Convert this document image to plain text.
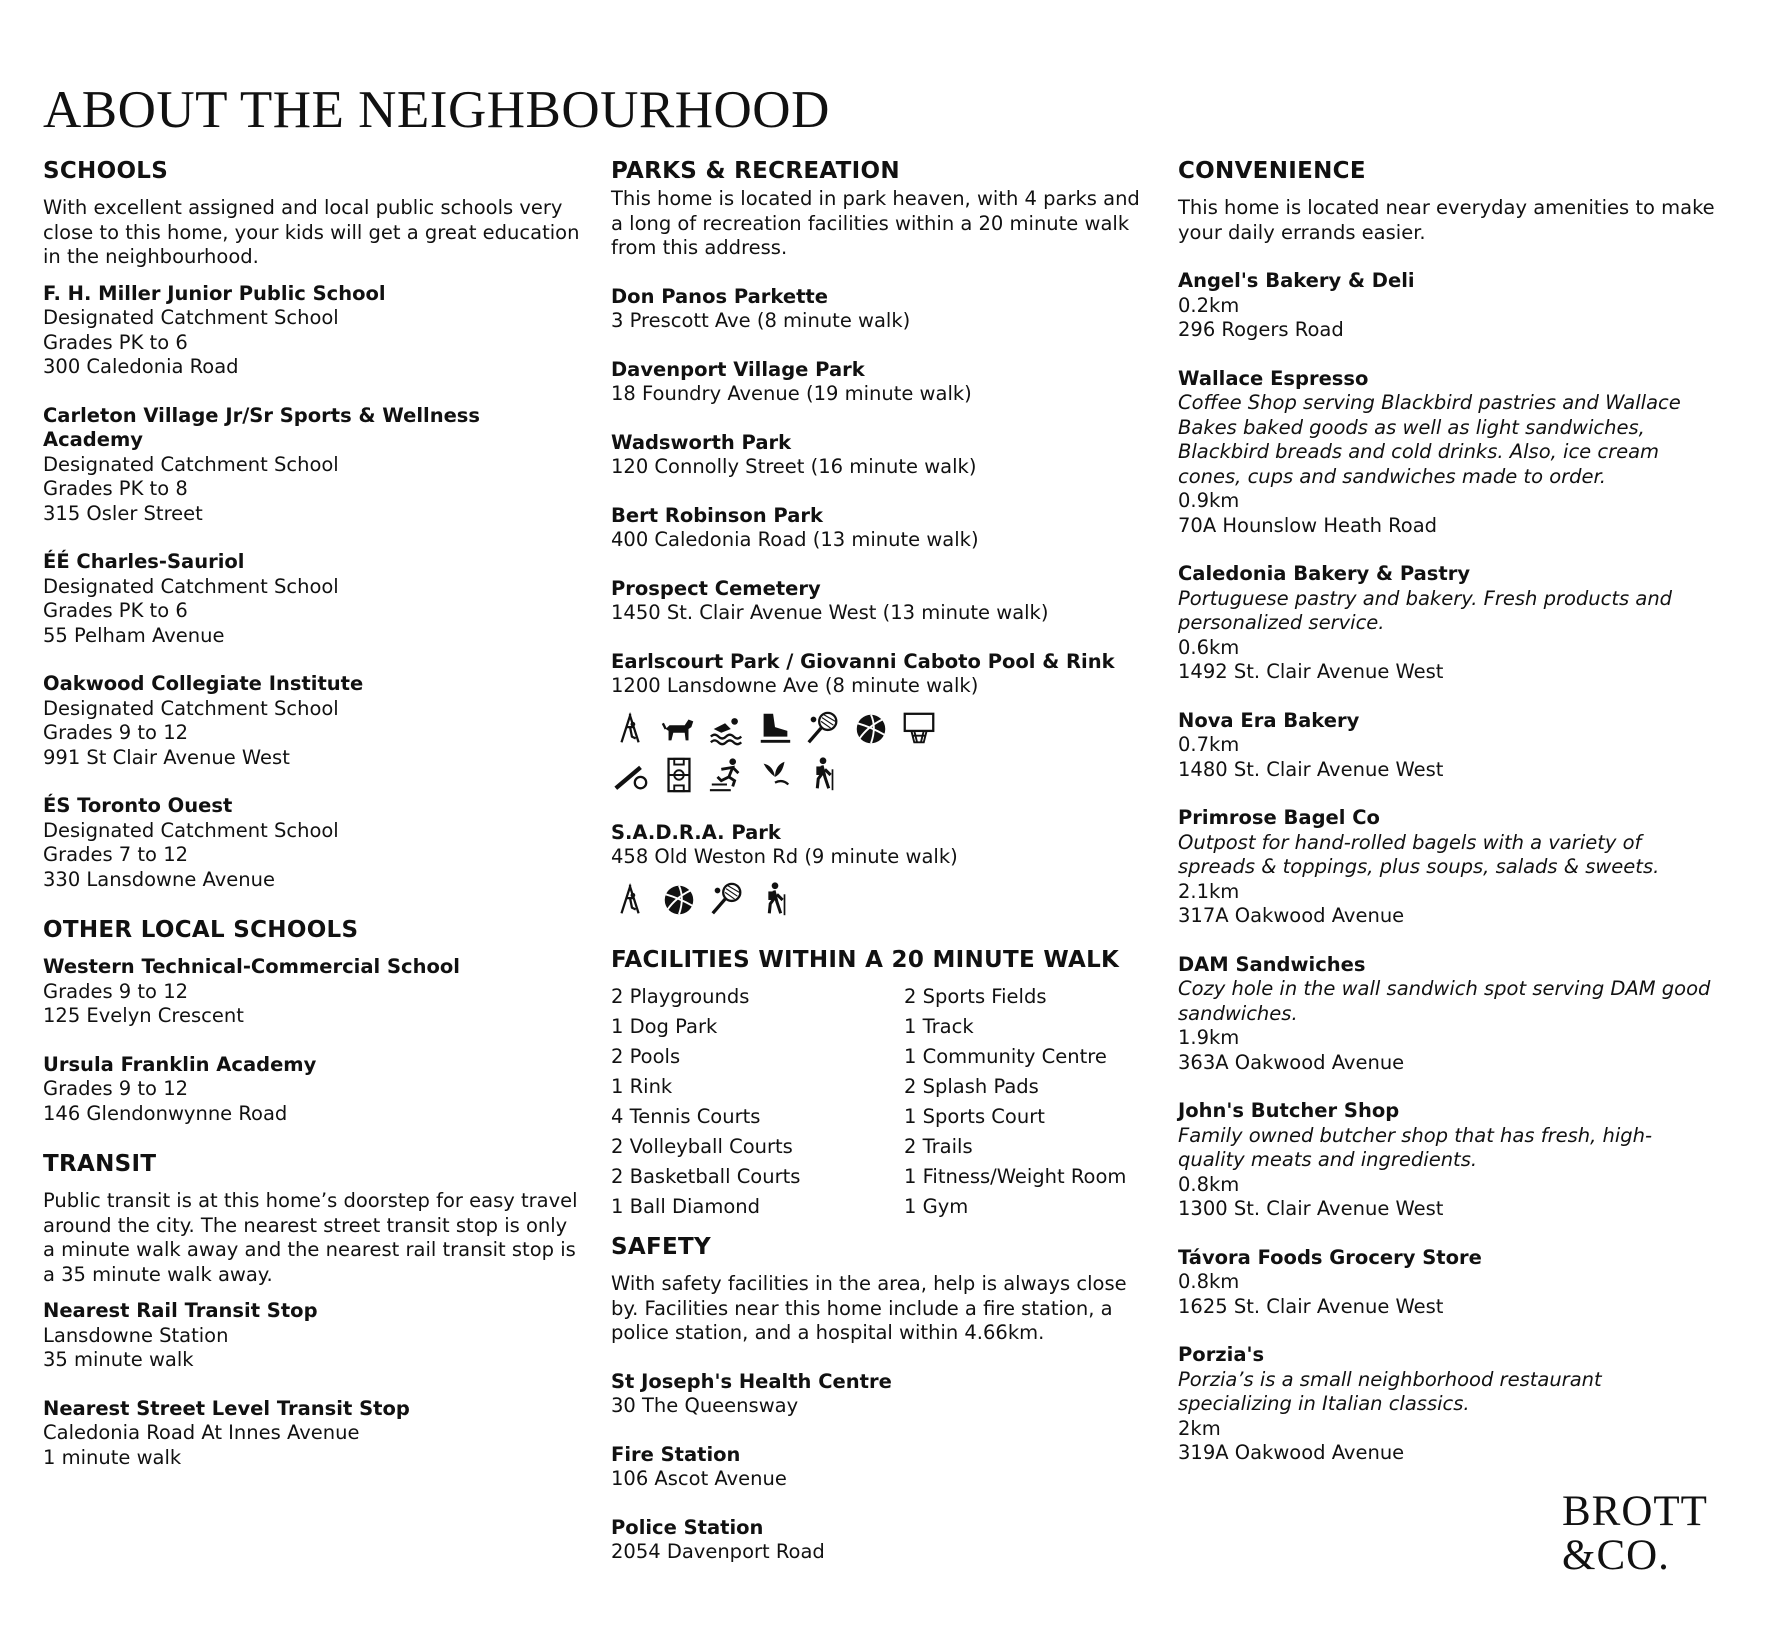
ABOUT THE NEIGHBOURHOOD
SCHOOLS

With excellent assigned and local public schools very close to this home, your kids will get a great education in the neighbourhood.

F. H. Miller Junior Public School

Designated Catchment School

Grades PK to 6

300 Caledonia Road

Carleton Village Jr/Sr Sports & Wellness Academy

Designated Catchment School

Grades PK to 8

315 Osler Street

ÉÉ Charles-Sauriol

Designated Catchment School

Grades PK to 6

55 Pelham Avenue

Oakwood Collegiate Institute

Designated Catchment School

Grades 9 to 12

991 St Clair Avenue West

ÉS Toronto Ouest

Designated Catchment School

Grades 7 to 12

330 Lansdowne Avenue

OTHER LOCAL SCHOOLS

Western Technical-Commercial School

Grades 9 to 12

125 Evelyn Crescent

Ursula Franklin Academy

Grades 9 to 12

146 Glendonwynne Road

TRANSIT

Public transit is at this home’s doorstep for easy travel around the city. The nearest street transit stop is only a minute walk away and the nearest rail transit stop is a 35 minute walk away.

Nearest Rail Transit Stop

Lansdowne Station

35 minute walk

Nearest Street Level Transit Stop

Caledonia Road At Innes Avenue

1 minute walk

PARKS & RECREATION

This home is located in park heaven, with 4 parks and a long of recreation facilities within a 20 minute walk from this address.

Don Panos Parkette

3 Prescott Ave (8 minute walk)

Davenport Village Park

18 Foundry Avenue (19 minute walk)

Wadsworth Park

120 Connolly Street (16 minute walk)

Bert Robinson Park

400 Caledonia Road (13 minute walk)

Prospect Cemetery

1450 St. Clair Avenue West (13 minute walk)

Earlscourt Park / Giovanni Caboto Pool & Rink

1200 Lansdowne Ave (8 minute walk)

S.A.D.R.A. Park

458 Old Weston Rd (9 minute walk)

FACILITIES WITHIN A 20 MINUTE WALK
2 Playgrounds	2 Sports Fields
1 Dog Park	1 Track
2 Pools	1 Community Centre
1 Rink	2 Splash Pads
4 Tennis Courts	1 Sports Court
2 Volleyball Courts	2 Trails
2 Basketball Courts	1 Fitness/Weight Room
1 Ball Diamond	1 Gym
SAFETY

With safety facilities in the area, help is always close by. Facilities near this home include a fire station, a police station, and a hospital within 4.66km.

St Joseph's Health Centre

30 The Queensway

Fire Station

106 Ascot Avenue

Police Station

2054 Davenport Road

CONVENIENCE

This home is located near everyday amenities to make your daily errands easier.

Angel's Bakery & Deli

0.2km

296 Rogers Road

Wallace Espresso

Coffee Shop serving Blackbird pastries and Wallace Bakes baked goods as well as light sandwiches, Blackbird breads and cold drinks. Also, ice cream cones, cups and sandwiches made to order.

0.9km

70A Hounslow Heath Road

Caledonia Bakery & Pastry

Portuguese pastry and bakery. Fresh products and personalized service.

0.6km

1492 St. Clair Avenue West

Nova Era Bakery

0.7km

1480 St. Clair Avenue West

Primrose Bagel Co

Outpost for hand-rolled bagels with a variety of spreads & toppings, plus soups, salads & sweets.

2.1km

317A Oakwood Avenue

DAM Sandwiches

Cozy hole in the wall sandwich spot serving DAM good sandwiches.

1.9km

363A Oakwood Avenue

John's Butcher Shop

Family owned butcher shop that has fresh, high-quality meats and ingredients.

0.8km

1300 St. Clair Avenue West

Távora Foods Grocery Store

0.8km

1625 St. Clair Avenue West

Porzia's

Porzia’s is a small neighborhood restaurant specializing in Italian classics.

2km

319A Oakwood Avenue

BROTT
&CO.
